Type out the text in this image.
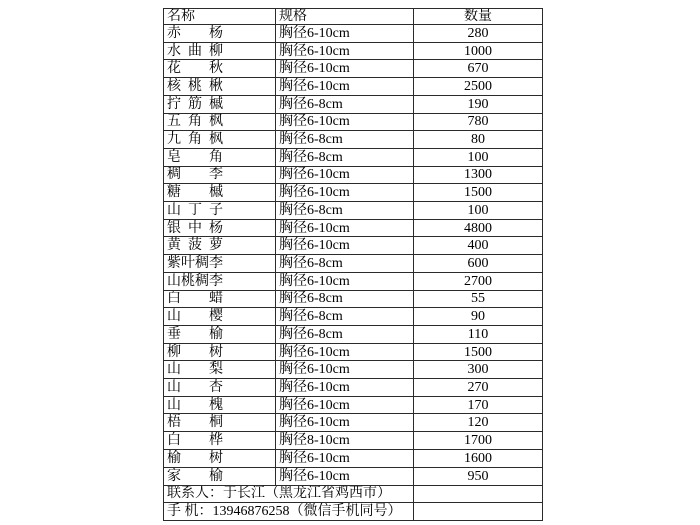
名称	规格	数量

赤 杨	胸径6-10cm	280

水 曲 柳	胸径6-10cm	1000

花 秋	胸径6-10cm	670

核 桃 楸	胸径6-10cm	2500

拧 筋 槭	胸径6-8cm	190

五 角 枫	胸径6-10cm	780

九 角 枫	胸径6-8cm	80

皂 角	胸径6-8cm	100

稠 李	胸径6-10cm	1300

糖 槭	胸径6-10cm	1500

山 丁 子	胸径6-8cm	100

银 中 杨	胸径6-10cm	4800

黄 菠 萝	胸径6-10cm	400

紫 叶 稠 李	胸径6-8cm	600

山 桃 稠 李	胸径6-10cm	2700

白 蜡	胸径6-8cm	55

山 樱	胸径6-8cm	90

垂 榆	胸径6-8cm	110

柳 树	胸径6-10cm	1500

山 梨	胸径6-10cm	300

山 杏	胸径6-10cm	270

山 槐	胸径6-10cm	170

梧 桐	胸径6-10cm	120

白 桦	胸径8-10cm	1700

榆 树	胸径6-10cm	1600

家 榆	胸径6-10cm	950
联系人：于长江（黑龙江省鸡西市）		
手 机：13946876258（微信手机同号）		
